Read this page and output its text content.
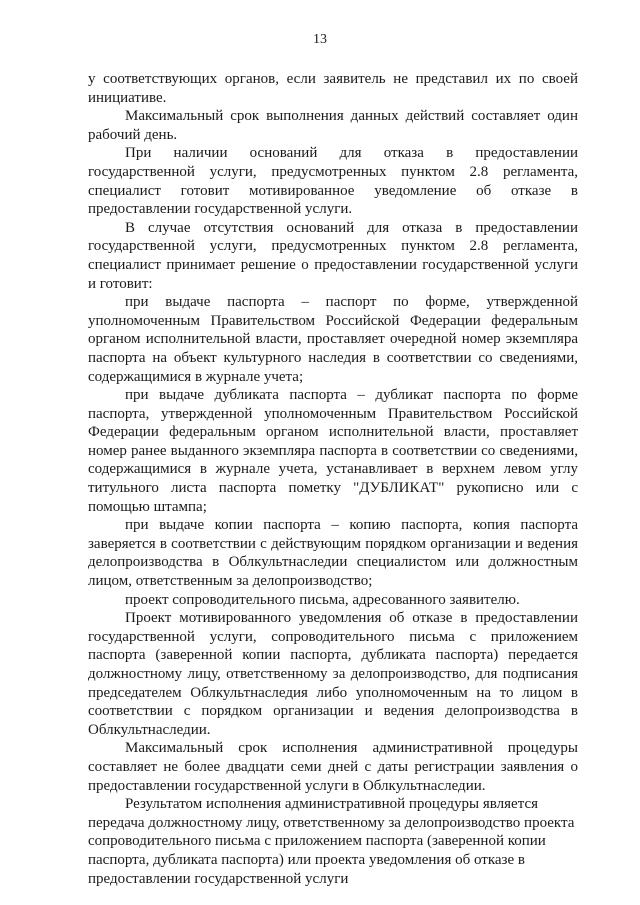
13

у соответствующих органов, если заявитель не представил их по своей инициативе.

Максимальный срок выполнения данных действий составляет один рабочий день.

При наличии оснований для отказа в предоставлении государственной услуги, предусмотренных пунктом 2.8 регламента, специалист готовит мотивированное уведомление об отказе в предоставлении государственной услуги.

В случае отсутствия оснований для отказа в предоставлении государственной услуги, предусмотренных пунктом 2.8 регламента, специалист принимает решение о предоставлении государственной услуги и готовит:

при выдаче паспорта – паспорт по форме, утвержденной уполномоченным Правительством Российской Федерации федеральным органом исполнительной власти, проставляет очередной номер экземпляра паспорта на объект культурного наследия в соответствии со сведениями, содержащимися в журнале учета;

при выдаче дубликата паспорта – дубликат паспорта по форме паспорта, утвержденной уполномоченным Правительством Российской Федерации федеральным органом исполнительной власти, проставляет номер ранее выданного экземпляра паспорта в соответствии со сведениями, содержащимися в журнале учета, устанавливает в верхнем левом углу титульного листа паспорта пометку "ДУБЛИКАТ" рукописно или с помощью штампа;

при выдаче копии паспорта – копию паспорта, копия паспорта заверяется в соответствии с действующим порядком организации и ведения делопроизводства в Облкультнаследии специалистом или должностным лицом, ответственным за делопроизводство;

проект сопроводительного письма, адресованного заявителю.

Проект мотивированного уведомления об отказе в предоставлении государственной услуги, сопроводительного письма с приложением паспорта (заверенной копии паспорта, дубликата паспорта) передается должностному лицу, ответственному за делопроизводство, для подписания председателем Облкультнаследия либо уполномоченным на то лицом в соответствии с порядком организации и ведения делопроизводства в Облкультнаследии.

Максимальный срок исполнения административной процедуры составляет не более двадцати семи дней с даты регистрации заявления о предоставлении государственной услуги в Облкультнаследии.

Результатом исполнения административной процедуры является передача должностному лицу, ответственному за делопроизводство проекта сопроводительного письма с приложением паспорта (заверенной копии паспорта, дубликата паспорта) или проекта уведомления об отказе в предоставлении государственной услуги
